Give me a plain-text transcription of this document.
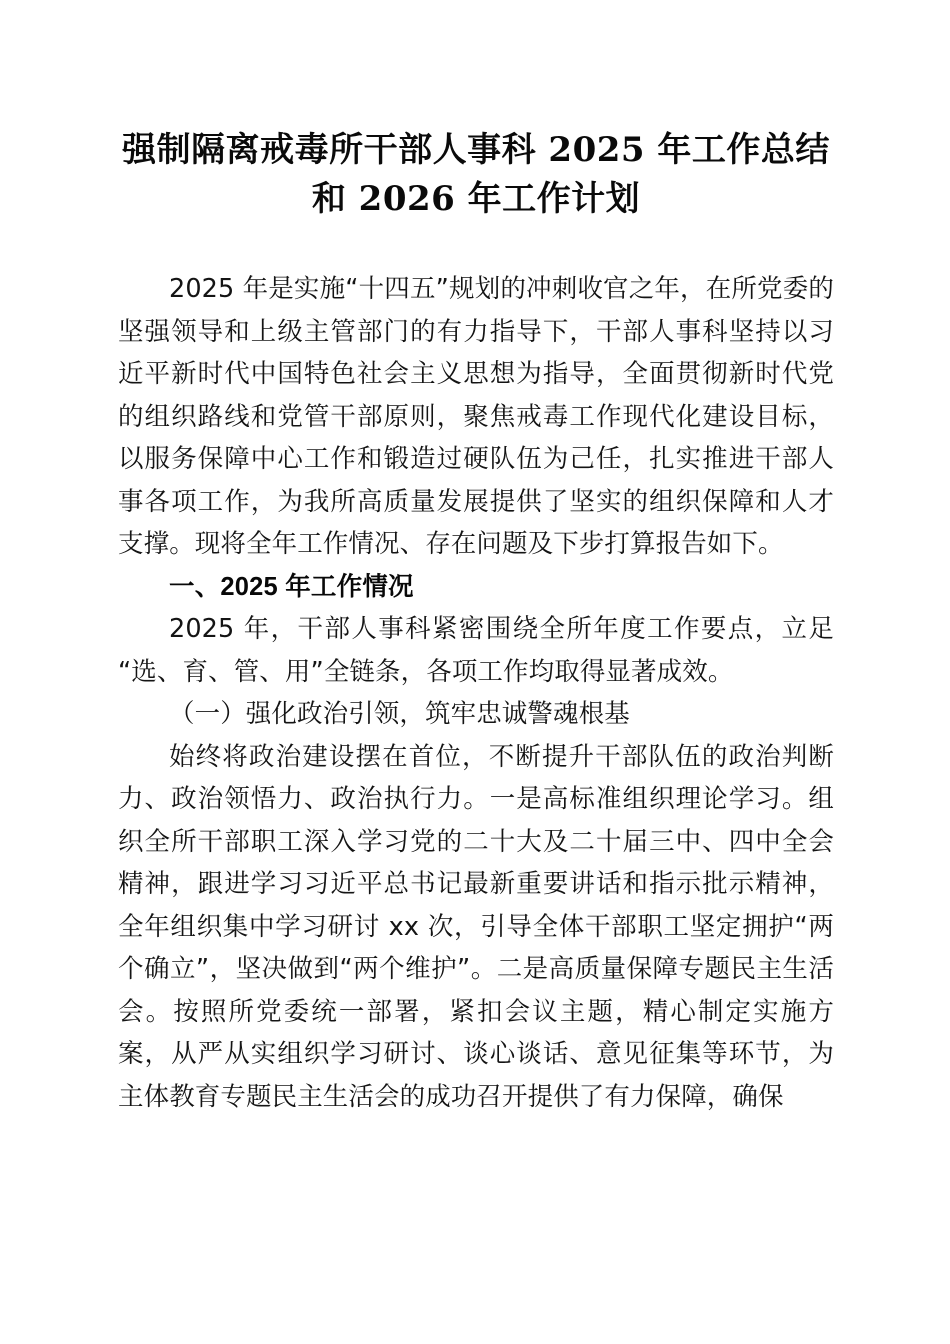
强制隔离戒毒所干部人事科 2025 年工作总结
和 2026 年工作计划

2025 年是实施“十四五”规划的冲刺收官之年，在所党委的坚强领导和上级主管部门的有力指导下，干部人事科坚持以习近平新时代中国特色社会主义思想为指导，全面贯彻新时代党的组织路线和党管干部原则，聚焦戒毒工作现代化建设目标，以服务保障中心工作和锻造过硬队伍为己任，扎实推进干部人事各项工作，为我所高质量发展提供了坚实的组织保障和人才支撑。现将全年工作情况、存在问题及下步打算报告如下。

一、2025 年工作情况

2025 年，干部人事科紧密围绕全所年度工作要点，立足“选、育、管、用”全链条，各项工作均取得显著成效。

（一）强化政治引领，筑牢忠诚警魂根基

始终将政治建设摆在首位，不断提升干部队伍的政治判断力、政治领悟力、政治执行力。一是高标准组织理论学习。组织全所干部职工深入学习党的二十大及二十届三中、四中全会精神，跟进学习习近平总书记最新重要讲话和指示批示精神，全年组织集中学习研讨 xx 次，引导全体干部职工坚定拥护“两个确立”，坚决做到“两个维护”。二是高质量保障专题民主生活会。按照所党委统一部署，紧扣会议主题，精心制定实施方案，从严从实组织学习研讨、谈心谈话、意见征集等环节，为主体教育专题民主生活会的成功召开提供了有力保障，确保
